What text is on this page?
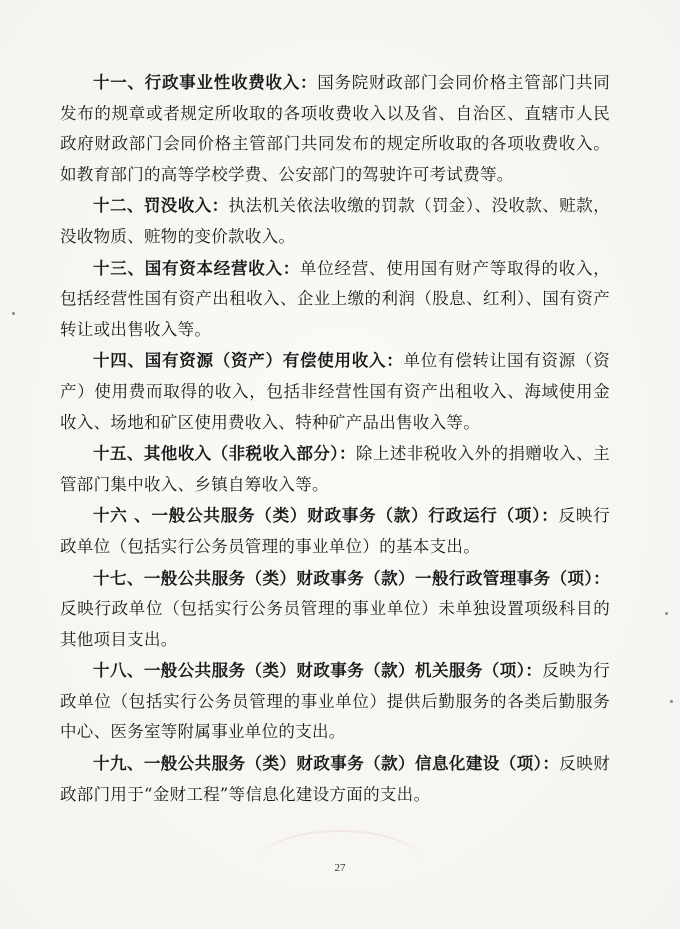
十一、行政事业性收费收入：国务院财政部门会同价格主管部门共同发布的规章或者规定所收取的各项收费收入以及省、自治区、直辖市人民政府财政部门会同价格主管部门共同发布的规定所收取的各项收费收入。如教育部门的高等学校学费、公安部门的驾驶许可考试费等。

十二、罚没收入：执法机关依法收缴的罚款（罚金）、没收款、赃款，没收物质、赃物的变价款收入。

十三、国有资本经营收入：单位经营、使用国有财产等取得的收入，包括经营性国有资产出租收入、企业上缴的利润（股息、红利）、国有资产转让或出售收入等。

十四、国有资源（资产）有偿使用收入：单位有偿转让国有资源（资产）使用费而取得的收入，包括非经营性国有资产出租收入、海域使用金收入、场地和矿区使用费收入、特种矿产品出售收入等。

十五、其他收入（非税收入部分）：除上述非税收入外的捐赠收入、主管部门集中收入、乡镇自筹收入等。

十六 、一般公共服务（类）财政事务（款）行政运行（项）：反映行政单位（包括实行公务员管理的事业单位）的基本支出。

十七、一般公共服务（类）财政事务（款）一般行政管理事务（项）：反映行政单位（包括实行公务员管理的事业单位）未单独设置项级科目的其他项目支出。

十八、一般公共服务（类）财政事务（款）机关服务（项）：反映为行政单位（包括实行公务员管理的事业单位）提供后勤服务的各类后勤服务中心、医务室等附属事业单位的支出。

十九、一般公共服务（类）财政事务（款）信息化建设（项）：反映财政部门用于“金财工程”等信息化建设方面的支出。

27
